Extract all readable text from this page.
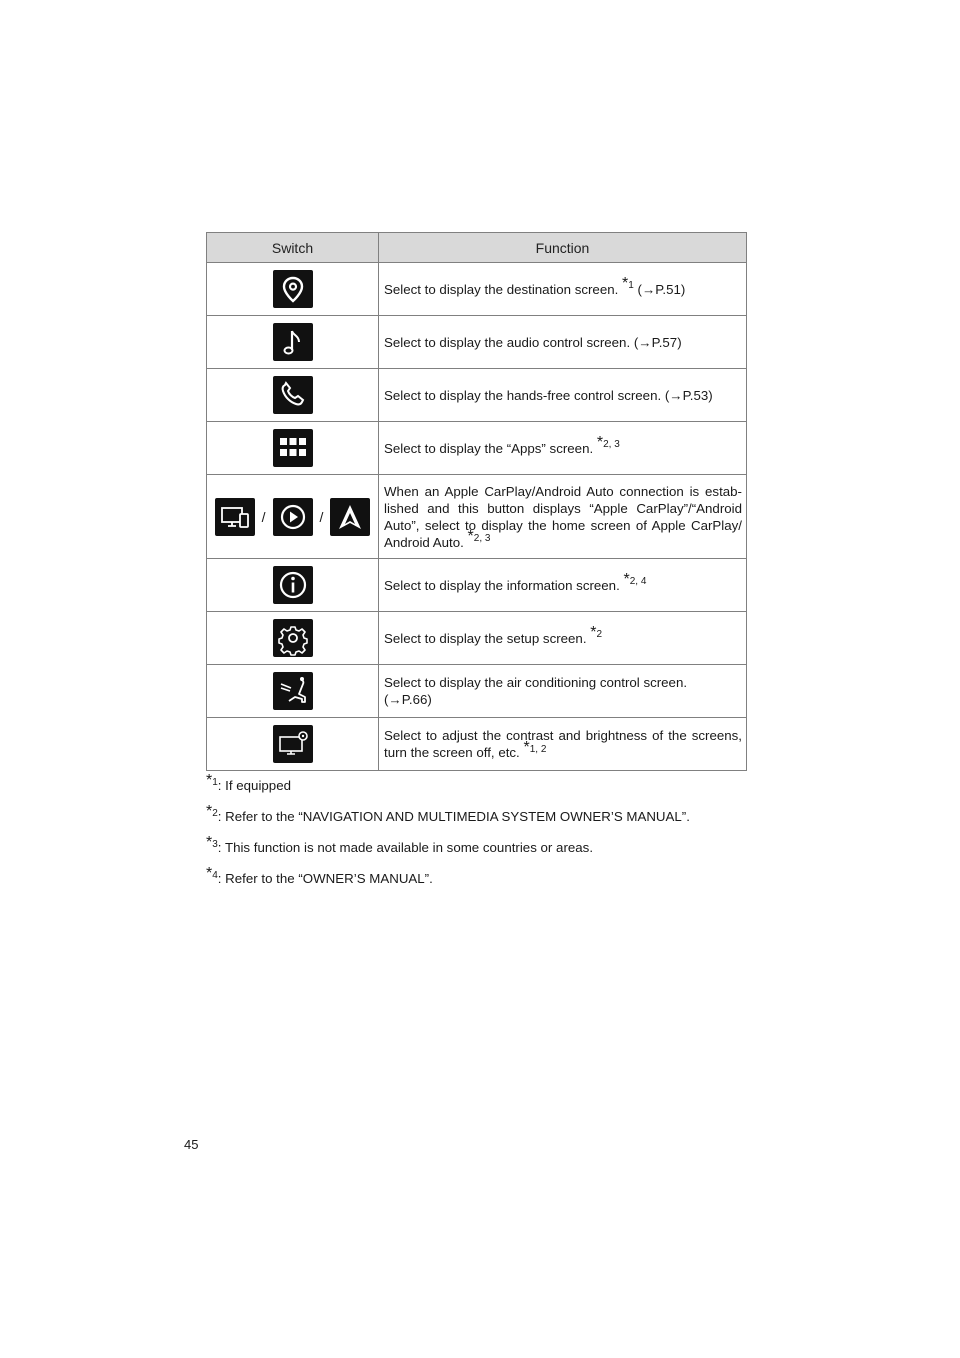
Switch	Function

	Select to display the destination screen. $^{*1}$ (→P.51)

	Select to display the audio control screen. (→P.57)

	Select to display the hands-free control screen. (→P.53)

	Select to display the “Apps” screen. $^{*2, 3}$

/ /	When an Apple CarPlay/Android Auto connection is estab-lished and this button displays “Apple CarPlay”/“Android Auto”, select to display the home screen of Apple CarPlay/ Android Auto. $^{*2, 3}$

	Select to display the information screen. $^{*2, 4}$

	Select to display the setup screen. $^{*2}$

	Select to display the air conditioning control screen.
(→P.66)

	Select to adjust the contrast and brightness of the screens, turn the screen off, etc. $^{*1, 2}$
$^{*1}$: If equipped
$^{*2}$: Refer to the “NAVIGATION AND MULTIMEDIA SYSTEM OWNER’S MANUAL”.
$^{*3}$: This function is not made available in some countries or areas.
$^{*4}$: Refer to the “OWNER’S MANUAL”.
45
